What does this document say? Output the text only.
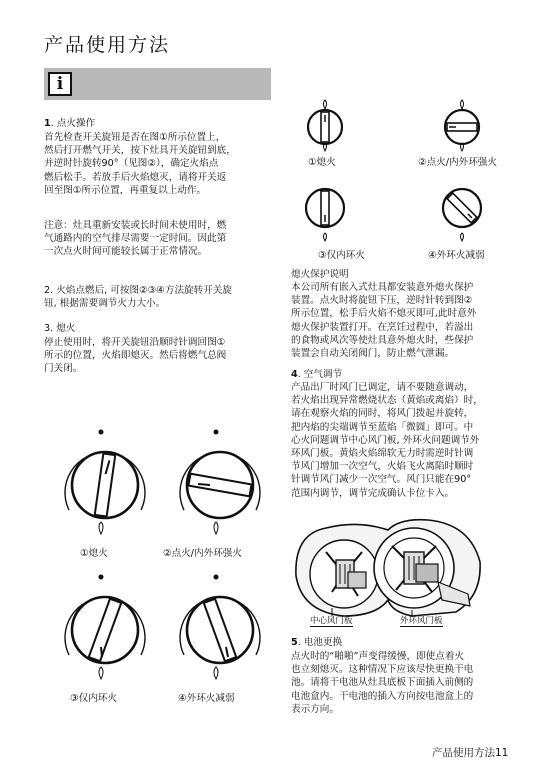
产品使用方法
i
1. 点火操作
首先检查开关旋钮是否在图①所示位置上，
然后打开燃气开关，按下灶具开关旋钮到底，
并逆时针旋转90°（见图②），确定火焰点
燃后松手。若放手后火焰熄灭，请将开关返
回至图①所示位置，再重复以上动作。
注意：灶具重新安装或长时间未使用时，燃
气通路内的空气排尽需要一定时间。因此第
一次点火时间可能较长属于正常情况。
2. 火焰点燃后, 可按图②③④方法旋转开关旋
钮, 根据需要调节火力大小。
3. 熄火
停止使用时，将开关旋钮沿顺时针调回图①
所示的位置，火焰即熄灭。然后将燃气总阀
门关闭。
①熄火	②点火/内外环强火
③仅内环火	④外环火减弱
①熄火	②点火/内外环强火
③仅内环火	④外环火减弱
熄火保护说明
本公司所有嵌入式灶具都安装意外熄火保护
装置。点火时将旋钮下压，逆时针转到图②
所示位置，松手后火焰不熄灭即可,此时意外
熄火保护装置打开。在烹饪过程中，若溢出
的食物或风次等使灶具意外熄火时，些保护
装置会自动关闭阀门，防止燃气泄漏。
4. 空气调节
产品出厂时风门已调定，请不要随意调动，
若火焰出现异常燃烧状态（黄焰或离焰）时，
请在观察火焰的同时，将风门拨起并旋转，
把内焰的尖端调节至蓝焰「微圆」即可。中
心火问题调节中心风门板, 外环火问题调节外
环风门板。黄焰火焰绵软无力时需逆时针调
节风门增加一次空气，火焰飞火离陷时顺时
针调节风门减少一次空气。风门只能在90°
范围内调节，调节完成确认卡位卡入。
中心风门板	外环风门板
5. 电池更换
点火时的“啪啪”声变得缓慢，即使点着火
也立刻熄灭。这种情况下应该尽快更换干电
池。请将干电池从灶具底板下面插入前侧的
电池盒内。干电池的插入方向按电池盒上的
表示方向。
产品使用方法11
